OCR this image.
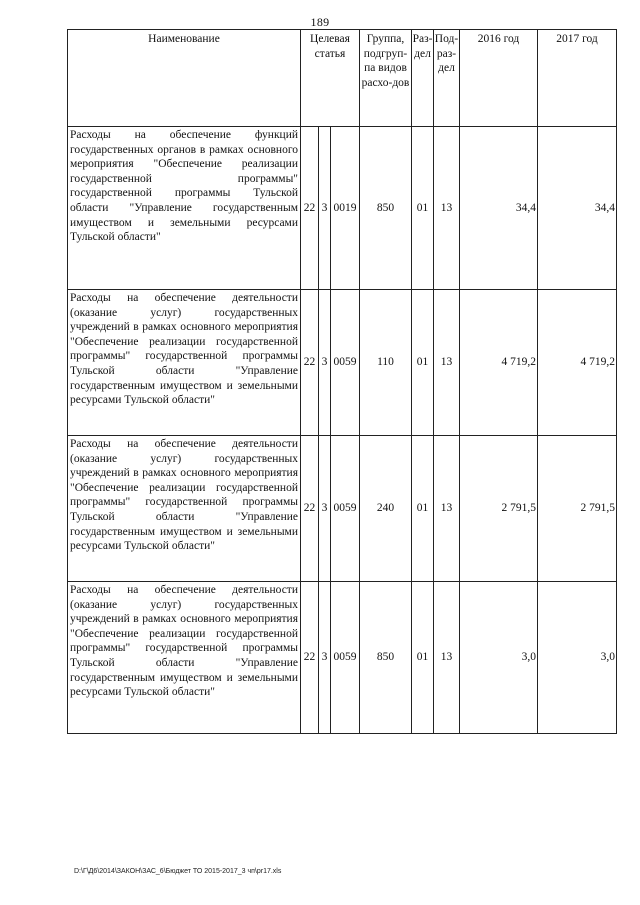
189
Наименование	Целевая статья			Группа, подгруп-па видов расхо-дов	Раз-дел	Под-раз-дел	2016 год	2017 год

Расходы на обеспечение функций государственных органов в рамках основного мероприятия "Обеспечение реализации государственной программы" государственной программы Тульской области "Управление государственным имуществом и земельными ресурсами Тульской области"	22	3	0019	850	01	13	34,4	34,4
Расходы на обеспечение деятельности (оказание услуг) государственных учреждений в рамках основного мероприятия "Обеспечение реализации государственной программы" государственной программы Тульской области "Управление государственным имуществом и земельными ресурсами Тульской области"	22	3	0059	110	01	13	4 719,2	4 719,2
Расходы на обеспечение деятельности (оказание услуг) государственных учреждений в рамках основного мероприятия "Обеспечение реализации государственной программы" государственной программы Тульской области "Управление государственным имуществом и земельными ресурсами Тульской области"	22	3	0059	240	01	13	2 791,5	2 791,5
Расходы на обеспечение деятельности (оказание услуг) государственных учреждений в рамках основного мероприятия "Обеспечение реализации государственной программы" государственной программы Тульской области "Управление государственным имуществом и земельными ресурсами Тульской области"	22	3	0059	850	01	13	3,0	3,0
D:\Г\Д6\2014\ЗАКОН\ЗАС_6\Бюджет ТО 2015-2017_3 чп\pr17.xls
